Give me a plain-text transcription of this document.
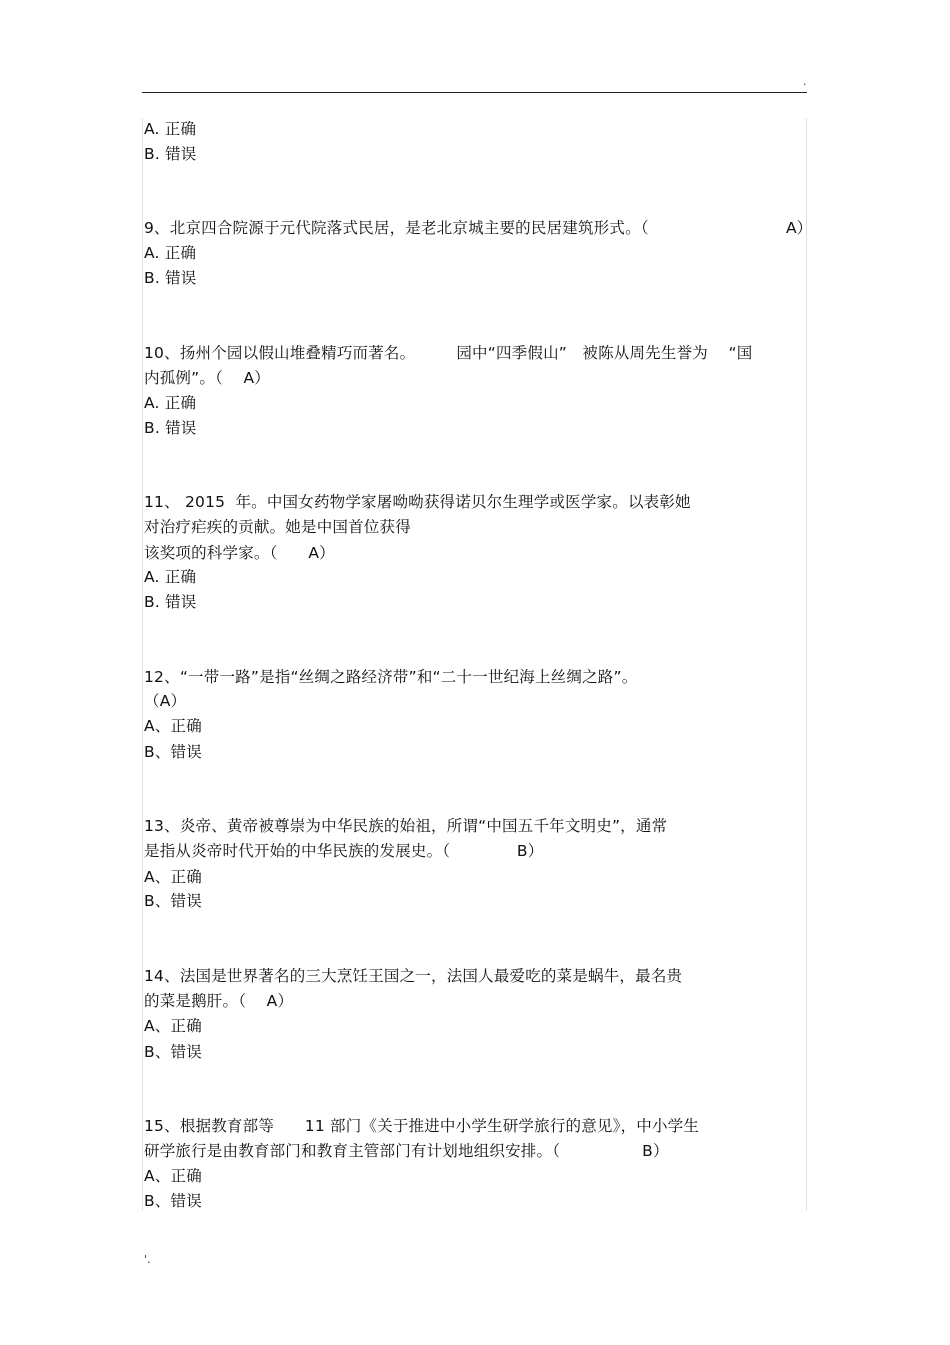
.
A. 正确
B. 错误
9、北京四合院源于元代院落式民居，是老北京城主要的民居建筑形式。（	A）
A. 正确
B. 错误
10、扬州个园以假山堆叠精巧而著名。        园中“四季假山”   被陈从周先生誉为    “国
内孤例”。（    A）
A. 正确
B. 错误
11、 2015  年。中国女药物学家屠呦呦获得诺贝尔生理学或医学家。以表彰她
对治疗疟疾的贡献。她是中国首位获得
该奖项的科学家。（      A）
A. 正确
B. 错误
12、“一带一路”是指“丝绸之路经济带”和“二十一世纪海上丝绸之路”。
（A）
A、正确
B、错误
13、炎帝、黄帝被尊崇为中华民族的始祖，所谓“中国五千年文明史”，通常
是指从炎帝时代开始的中华民族的发展史。（             B）
A、正确
B、错误
14、法国是世界著名的三大烹饪王国之一，法国人最爱吃的菜是蜗牛，最名贵
的菜是鹅肝。（    A）
A、正确
B、错误
15、根据教育部等      11 部门《关于推进中小学生研学旅行的意见》，中小学生
研学旅行是由教育部门和教育主管部门有计划地组织安排。（                B）
A、正确
B、错误
'.
